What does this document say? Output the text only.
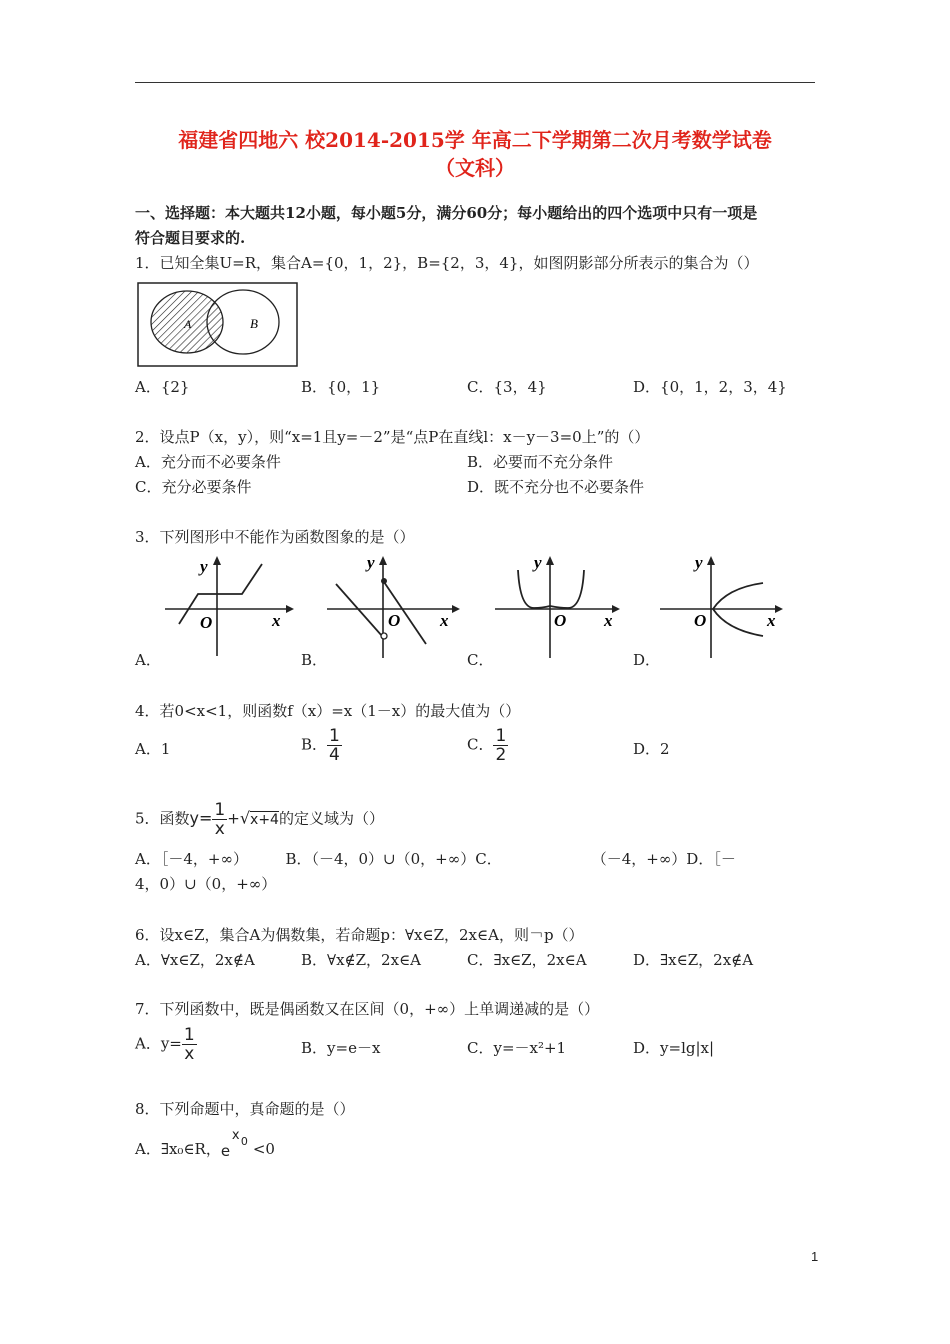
福建省四地六 校2014-2015学 年高二下学期第二次月考数学试卷
（文科）
一、选择题：本大题共12小题，每小题5分，满分60分；每小题给出的四个选项中只有一项是
符合题目要求的.
1．已知全集U=R，集合A={0，1，2}，B={2，3，4}，如图阴影部分所表示的集合为（）
A	B
A．{2}	B．{0，1}	C．{3，4}	D．{0，1，2，3，4}
2．设点P（x，y），则“x=1且y=－2”是“点P在直线l：x－y－3=0上”的（）
A．充分而不必要条件	B．必要而不充分条件
C．充分必要条件	D．既不充分也不必要条件
3．下列图形中不能作为函数图象的是（）
y
x
O
y
x
O
y
x
O
y
x
O
A．	B．	C．	D．
4．若0<x<1，则函数f（x）=x（1－x）的最大值为（）
A．1	B． $\frac{1}{4}$	C． $\frac{1}{2}$	D．2
5．函数$y= \frac{1}{x} +√x+4$的定义域为（）
A．［－4，+∞）　　　B．（－4，0）∪（0，+∞）C．　　　　　　　（－4，+∞）D．［－
4，0）∪（0，+∞）
6．设x∈Z，集合A为偶数集，若命题p：∀x∈Z，2x∈A，则￢p（）
A．∀x∈Z，2x∉A	B．∀x∉Z，2x∈A	C．∃x∈Z，2x∈A	D．∃x∈Z，2x∉A
7．下列函数中，既是偶函数又在区间（0，+∞）上单调递减的是（）
A．$y= \frac{1}{x}$	B．y=e－x	C．y=－x²+1	D．y=lg|x|
8．下列命题中，真命题的是（）
A．∃x₀∈R， e
x 0 <0
1
